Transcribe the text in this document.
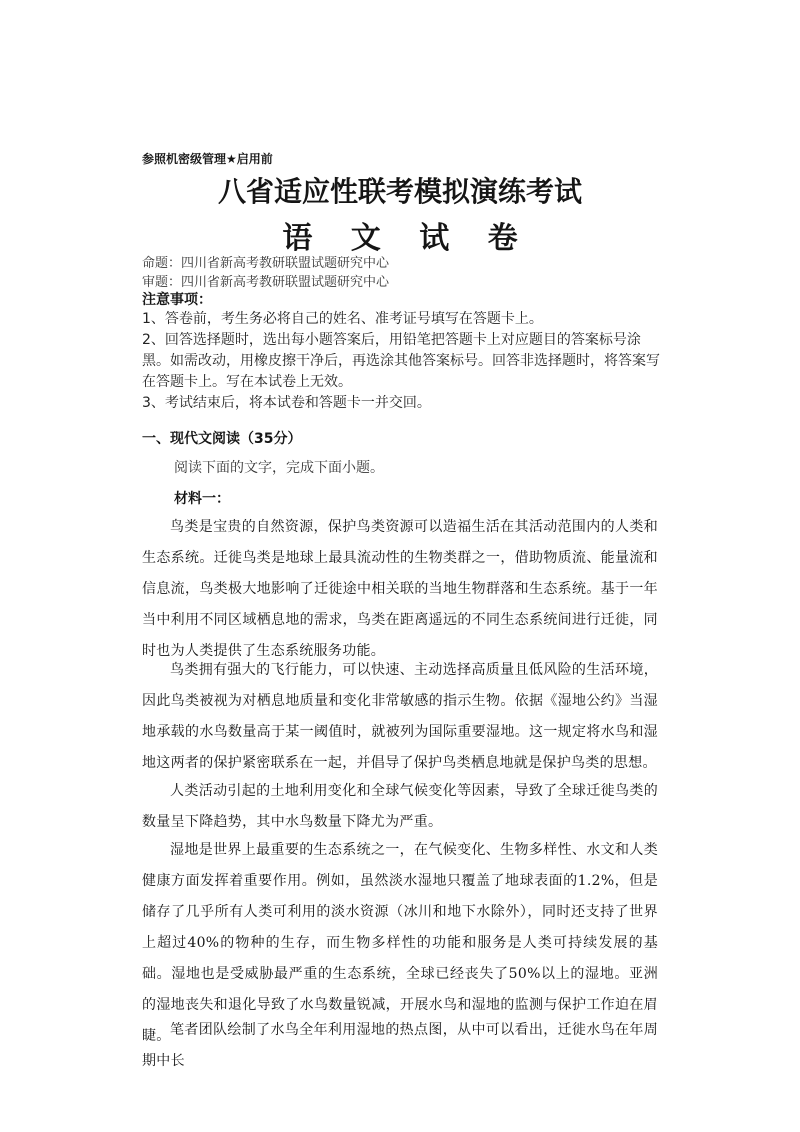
参照机密级管理★启用前
八省适应性联考模拟演练考试
语 文 试 卷
命题：四川省新高考教研联盟试题研究中心
审题：四川省新高考教研联盟试题研究中心
注意事项：
1、答卷前，考生务必将自己的姓名、准考证号填写在答题卡上。
2、回答选择题时，选出每小题答案后，用铅笔把答题卡上对应题目的答案标号涂黑。如需改动，用橡皮擦干净后，再选涂其他答案标号。回答非选择题时，将答案写在答题卡上。写在本试卷上无效。
3、考试结束后，将本试卷和答题卡一并交回。
一、现代文阅读（35分）
阅读下面的文字，完成下面小题。
材料一：
鸟类是宝贵的自然资源，保护鸟类资源可以造福生活在其活动范围内的人类和生态系统。迁徙鸟类是地球上最具流动性的生物类群之一，借助物质流、能量流和信息流，鸟类极大地影响了迁徙途中相关联的当地生物群落和生态系统。基于一年当中利用不同区域栖息地的需求，鸟类在距离遥远的不同生态系统间进行迁徙，同时也为人类提供了生态系统服务功能。
鸟类拥有强大的飞行能力，可以快速、主动选择高质量且低风险的生活环境，因此鸟类被视为对栖息地质量和变化非常敏感的指示生物。依据《湿地公约》当湿地承载的水鸟数量高于某一阈值时，就被列为国际重要湿地。这一规定将水鸟和湿地这两者的保护紧密联系在一起，并倡导了保护鸟类栖息地就是保护鸟类的思想。
人类活动引起的土地利用变化和全球气候变化等因素，导致了全球迁徙鸟类的数量呈下降趋势，其中水鸟数量下降尤为严重。
湿地是世界上最重要的生态系统之一，在气候变化、生物多样性、水文和人类健康方面发挥着重要作用。例如，虽然淡水湿地只覆盖了地球表面的1.2%，但是储存了几乎所有人类可利用的淡水资源（冰川和地下水除外），同时还支持了世界上超过40%的物种的生存，而生物多样性的功能和服务是人类可持续发展的基础。湿地也是受威胁最严重的生态系统，全球已经丧失了50%以上的湿地。亚洲的湿地丧失和退化导致了水鸟数量锐减，开展水鸟和湿地的监测与保护工作迫在眉睫。 笔者团队绘制了水鸟全年利用湿地的热点图，从中可以看出，迁徙水鸟在年周期中长
